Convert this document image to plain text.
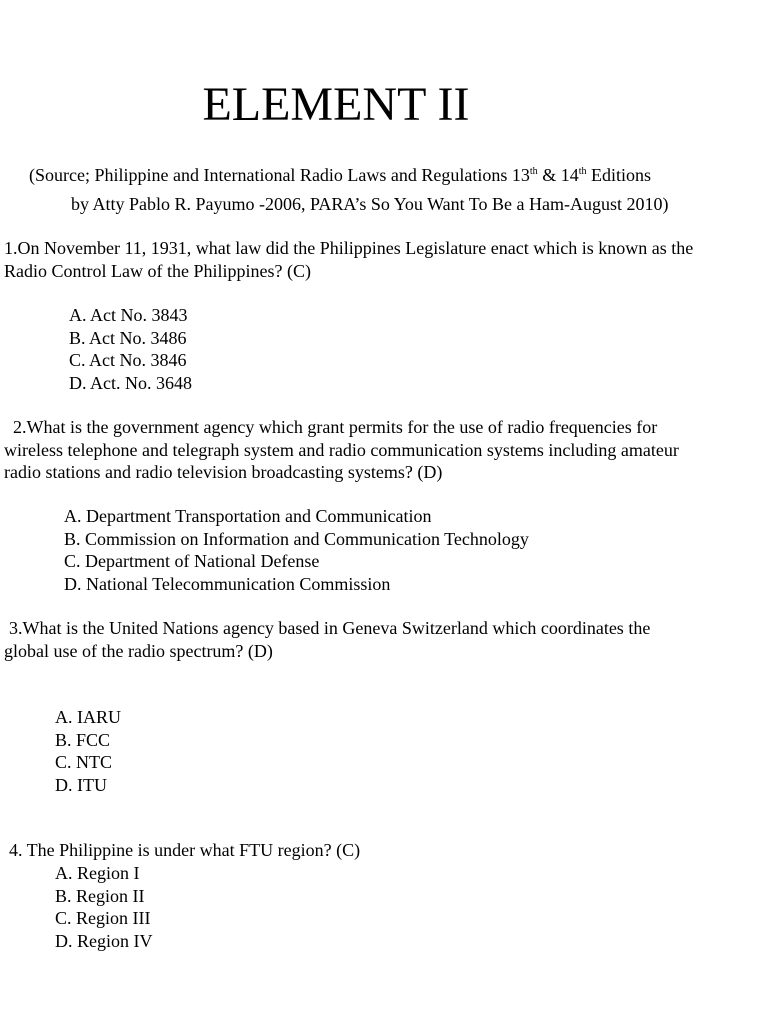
ELEMENT II
(Source; Philippine and International Radio Laws and Regulations 13th & 14th Editions
by Atty Pablo R. Payumo -2006, PARA’s So You Want To Be a Ham-August 2010)
1.On November 11, 1931, what law did the Philippines Legislature enact which is known as the Radio Control Law of the Philippines? (C)
A. Act No. 3843
B. Act No. 3486
C. Act No. 3846
D. Act. No. 3648
2.What is the government agency which grant permits for the use of radio frequencies for wireless telephone and telegraph system and radio communication systems including amateur radio stations and radio television broadcasting systems? (D)
A. Department Transportation and Communication
B. Commission on Information and Communication Technology
C. Department of National Defense
D. National Telecommunication Commission
3.What is the United Nations agency based in Geneva Switzerland which coordinates the global use of the radio spectrum? (D)
A. IARU
B. FCC
C. NTC
D. ITU
4. The Philippine is under what FTU region? (C)
A. Region I
B. Region II
C. Region III
D. Region IV
